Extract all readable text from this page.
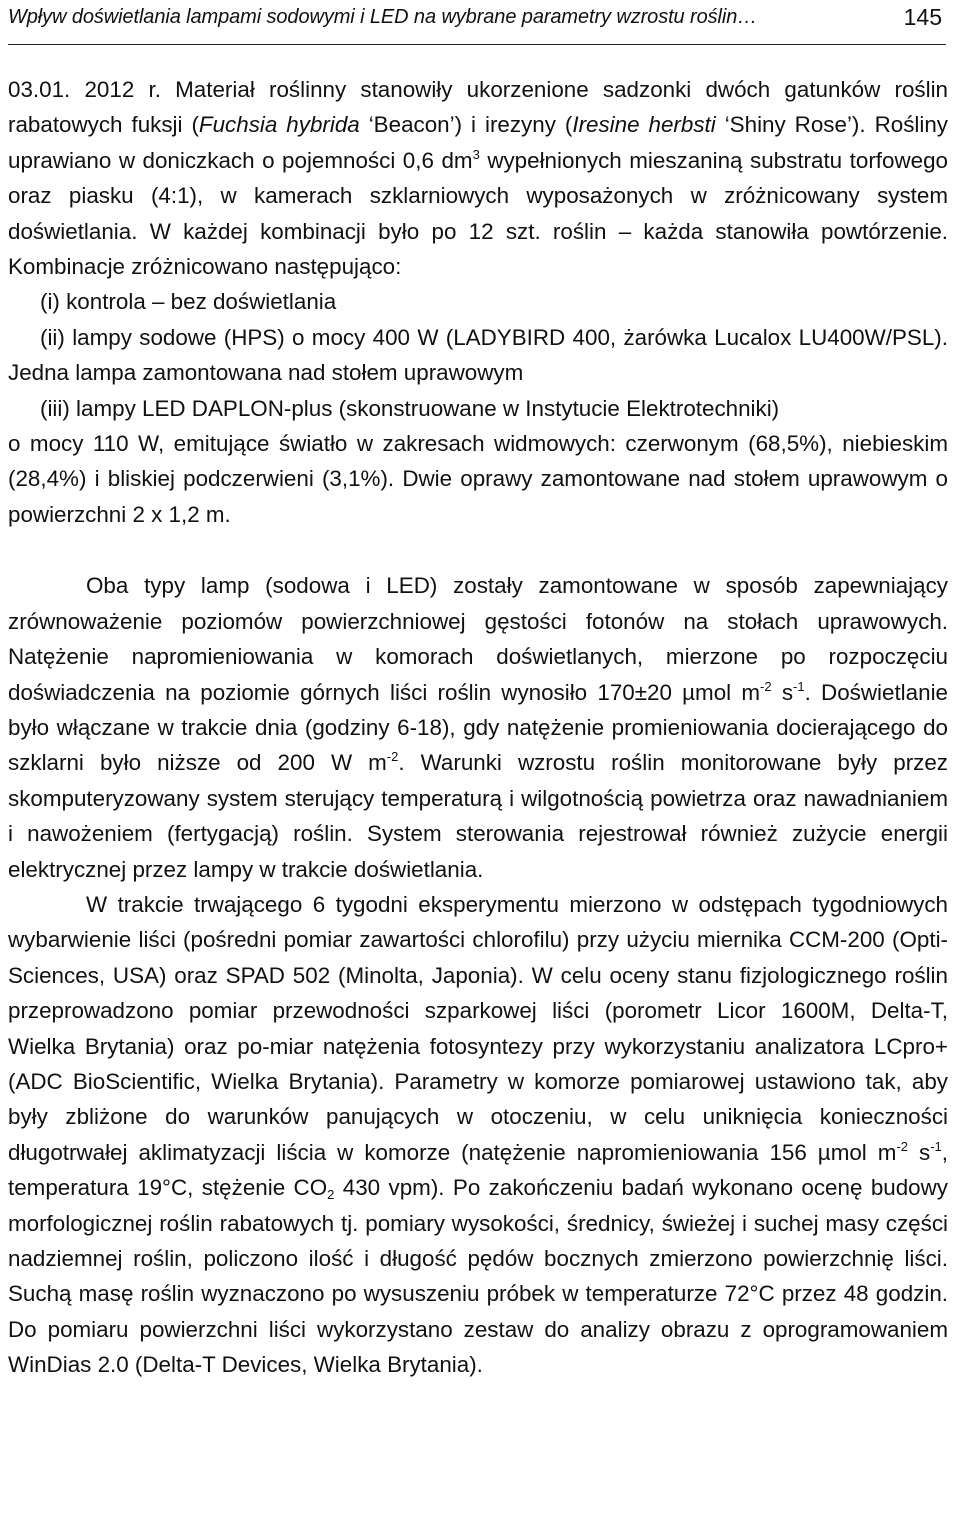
Wpływ doświetlania lampami sodowymi i LED na wybrane parametry wzrostu roślin…	145

03.01. 2012 r. Materiał roślinny stanowiły ukorzenione sadzonki dwóch gatunków roślin rabatowych fuksji (Fuchsia hybrida ‘Beacon’) i irezyny (Iresine herbsti ‘Shiny Rose’). Rośliny uprawiano w doniczkach o pojemności 0,6 $dm^3$ wypełnionych mieszaniną substratu torfowego oraz piasku (4:1), w kamerach szklarniowych wyposażonych w zróżnicowany system doświetlania. W każdej kombinacji było po 12 szt. roślin – każda stanowiła powtórzenie. Kombinacje zróżnicowano następująco:

(i) kontrola – bez doświetlania

(ii) lampy sodowe (HPS) o mocy 400 W (LADYBIRD 400, żarówka Lucalox LU400W/PSL). Jedna lampa zamontowana nad stołem uprawowym

(iii) lampy LED DAPLON-plus (skonstruowane w Instytucie Elektrotechniki)

o mocy 110 W, emitujące światło w zakresach widmowych: czerwonym (68,5%), niebieskim (28,4%) i bliskiej podczerwieni (3,1%). Dwie oprawy zamontowane nad stołem uprawowym o powierzchni 2 x 1,2 m.

Oba typy lamp (sodowa i LED) zostały zamontowane w sposób zapewniający zrównoważenie poziomów powierzchniowej gęstości fotonów na stołach uprawowych. Natężenie napromieniowania w komorach doświetlanych, mierzone po rozpoczęciu doświadczenia na poziomie górnych liści roślin wynosiło 170±20 µmol $m^{-2}$ $s^{-1}$. Doświetlanie było włączane w trakcie dnia (godziny 6-18), gdy natężenie promieniowania docierającego do szklarni było niższe od 200 W $m^{-2}$. Warunki wzrostu roślin monitorowane były przez skomputeryzowany system sterujący temperaturą i wilgotnością powietrza oraz nawadnianiem i nawożeniem (fertygacją) roślin. System sterowania rejestrował również zużycie energii elektrycznej przez lampy w trakcie doświetlania.

W trakcie trwającego 6 tygodni eksperymentu mierzono w odstępach tygodniowych wybarwienie liści (pośredni pomiar zawartości chlorofilu) przy użyciu miernika CCM-200 (Opti-Sciences, USA) oraz SPAD 502 (Minolta, Japonia). W celu oceny stanu fizjologicznego roślin przeprowadzono pomiar przewodności szparkowej liści (porometr Licor 1600M, Delta-T, Wielka Brytania) oraz po-miar natężenia fotosyntezy przy wykorzystaniu analizatora LCpro+ (ADC BioScientific, Wielka Brytania). Parametry w komorze pomiarowej ustawiono tak, aby były zbliżone do warunków panujących w otoczeniu, w celu uniknięcia konieczności długotrwałej aklimatyzacji liścia w komorze (natężenie napromieniowania 156 µmol $m^{-2}$ $s^{-1}$, temperatura 19°C, stężenie $CO_2$ 430 vpm). Po zakończeniu badań wykonano ocenę budowy morfologicznej roślin rabatowych tj. pomiary wysokości, średnicy, świeżej i suchej masy części nadziemnej roślin, policzono ilość i długość pędów bocznych zmierzono powierzchnię liści. Suchą masę roślin wyznaczono po wysuszeniu próbek w temperaturze 72°C przez 48 godzin. Do pomiaru powierzchni liści wykorzystano zestaw do analizy obrazu z oprogramowaniem WinDias 2.0 (Delta-T Devices, Wielka Brytania).
